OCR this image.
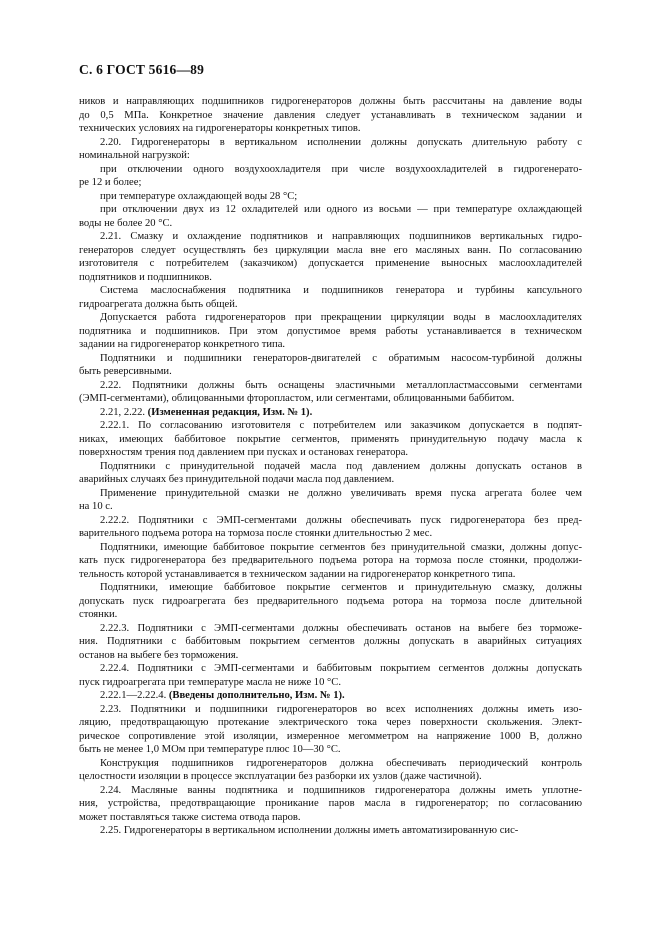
С. 6 ГОСТ 5616—89
ников и направляющих подшипников гидрогенераторов должны быть рассчитаны на давление воды
до 0,5 МПа. Конкретное значение давления следует устанавливать в техническом задании и
технических условиях на гидрогенераторы конкретных типов.
2.20. Гидрогенераторы в вертикальном исполнении должны допускать длительную работу с
номинальной нагрузкой:
при отключении одного воздухоохладителя при числе воздухоохладителей в гидрогенерато-
ре 12 и более;
при температуре охлаждающей воды 28 °С;
при отключении двух из 12 охладителей или одного из восьми — при температуре охлаждающей
воды не более 20 °С.
2.21. Смазку и охлаждение подпятников и направляющих подшипников вертикальных гидро-
генераторов следует осуществлять без циркуляции масла вне его масляных ванн. По согласованию
изготовителя с потребителем (заказчиком) допускается применение выносных маслоохладителей
подпятников и подшипников.
Система маслоснабжения подпятника и подшипников генератора и турбины капсульного
гидроагрегата должна быть общей.
Допускается работа гидрогенераторов при прекращении циркуляции воды в маслоохладителях
подпятника и подшипников. При этом допустимое время работы устанавливается в техническом
задании на гидрогенератор конкретного типа.
Подпятники и подшипники генераторов-двигателей с обратимым насосом-турбиной должны
быть реверсивными.
2.22. Подпятники должны быть оснащены эластичными металлопластмассовыми сегментами
(ЭМП-сегментами), облицованными фторопластом, или сегментами, облицованными баббитом.
2.21, 2.22. (Измененная редакция, Изм. № 1).
2.22.1. По согласованию изготовителя с потребителем или заказчиком допускается в подпят-
никах, имеющих баббитовое покрытие сегментов, применять принудительную подачу масла к
поверхностям трения под давлением при пусках и остановах генератора.
Подпятники с принудительной подачей масла под давлением должны допускать останов в
аварийных случаях без принудительной подачи масла под давлением.
Применение принудительной смазки не должно увеличивать время пуска агрегата более чем
на 10 с.
2.22.2. Подпятники с ЭМП-сегментами должны обеспечивать пуск гидрогенератора без пред-
варительного подъема ротора на тормоза после стоянки длительностью 2 мес.
Подпятники, имеющие баббитовое покрытие сегментов без принудительной смазки, должны допус-
кать пуск гидрогенератора без предварительного подъема ротора на тормоза после стоянки, продолжи-
тельность которой устанавливается в техническом задании на гидрогенератор конкретного типа.
Подпятники, имеющие баббитовое покрытие сегментов и принудительную смазку, должны
допускать пуск гидроагрегата без предварительного подъема ротора на тормоза после длительной
стоянки.
2.22.3. Подпятники с ЭМП-сегментами должны обеспечивать останов на выбеге без торможе-
ния. Подпятники с баббитовым покрытием сегментов должны допускать в аварийных ситуациях
останов на выбеге без торможения.
2.22.4. Подпятники с ЭМП-сегментами и баббитовым покрытием сегментов должны допускать
пуск гидроагрегата при температуре масла не ниже 10 °С.
2.22.1—2.22.4. (Введены дополнительно, Изм. № 1).
2.23. Подпятники и подшипники гидрогенераторов во всех исполнениях должны иметь изо-
ляцию, предотвращающую протекание электрического тока через поверхности скольжения. Элект-
рическое сопротивление этой изоляции, измеренное мегомметром на напряжение 1000 В, должно
быть не менее 1,0 МОм при температуре плюс 10—30 °С.
Конструкция подшипников гидрогенераторов должна обеспечивать периодический контроль
целостности изоляции в процессе эксплуатации без разборки их узлов (даже частичной).
2.24. Масляные ванны подпятника и подшипников гидрогенератора должны иметь уплотне-
ния, устройства, предотвращающие проникание паров масла в гидрогенератор; по согласованию
может поставляться также система отвода паров.
2.25. Гидрогенераторы в вертикальном исполнении должны иметь автоматизированную сис-
